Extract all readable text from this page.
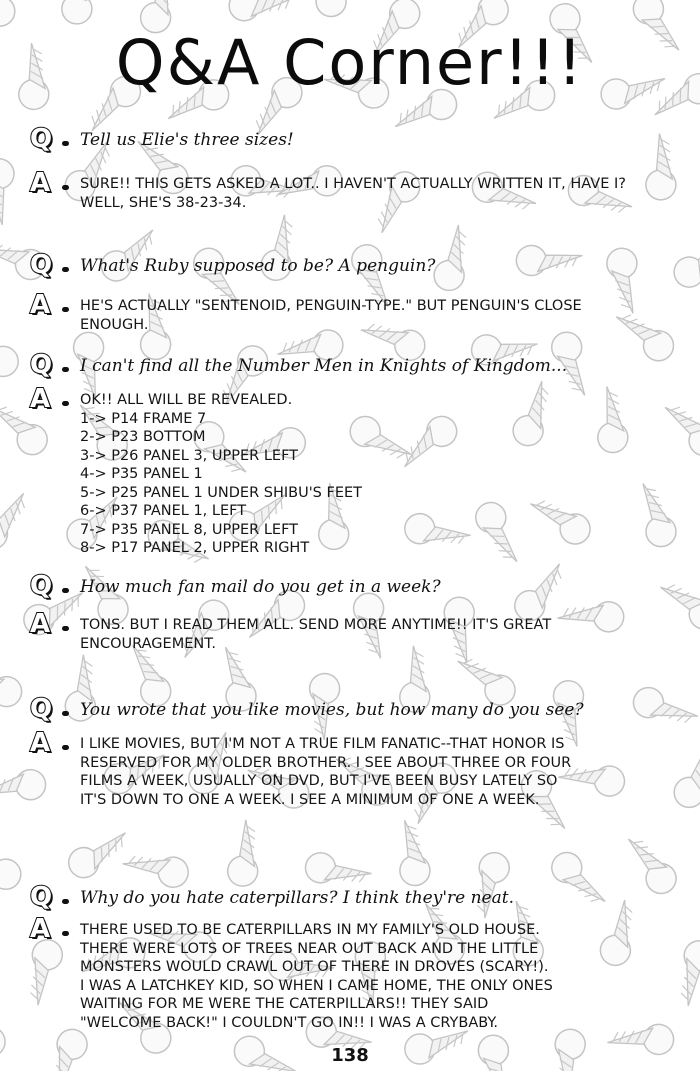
Q&A Corner!!!
Q Tell us Elie's three sizes!
A SURE!! THIS GETS ASKED A LOT.. I HAVEN'T ACTUALLY WRITTEN IT, HAVE I?
WELL, SHE'S 38-23-34.
Q What's Ruby supposed to be? A penguin?
A HE'S ACTUALLY "SENTENOID, PENGUIN-TYPE." BUT PENGUIN'S CLOSE
ENOUGH.
Q I can't find all the Number Men in Knights of Kingdom...
A OK!! ALL WILL BE REVEALED.
1-> P14 FRAME 7
2-> P23 BOTTOM
3-> P26 PANEL 3, UPPER LEFT
4-> P35 PANEL 1
5-> P25 PANEL 1 UNDER SHIBU'S FEET
6-> P37 PANEL 1, LEFT
7-> P35 PANEL 8, UPPER LEFT
8-> P17 PANEL 2, UPPER RIGHT
Q How much fan mail do you get in a week?
A TONS. BUT I READ THEM ALL. SEND MORE ANYTIME!! IT'S GREAT
ENCOURAGEMENT.
Q You wrote that you like movies, but how many do you see?
A I LIKE MOVIES, BUT I'M NOT A TRUE FILM FANATIC--THAT HONOR IS
RESERVED FOR MY OLDER BROTHER. I SEE ABOUT THREE OR FOUR
FILMS A WEEK, USUALLY ON DVD, BUT I'VE BEEN BUSY LATELY SO
IT'S DOWN TO ONE A WEEK. I SEE A MINIMUM OF ONE A WEEK.
Q Why do you hate caterpillars? I think they're neat.
A THERE USED TO BE CATERPILLARS IN MY FAMILY'S OLD HOUSE.
THERE WERE LOTS OF TREES NEAR OUT BACK AND THE LITTLE
MONSTERS WOULD CRAWL OUT OF THERE IN DROVES (SCARY!).
I WAS A LATCHKEY KID, SO WHEN I CAME HOME, THE ONLY ONES
WAITING FOR ME WERE THE CATERPILLARS!! THEY SAID
"WELCOME BACK!" I COULDN'T GO IN!! I WAS A CRYBABY.
138
